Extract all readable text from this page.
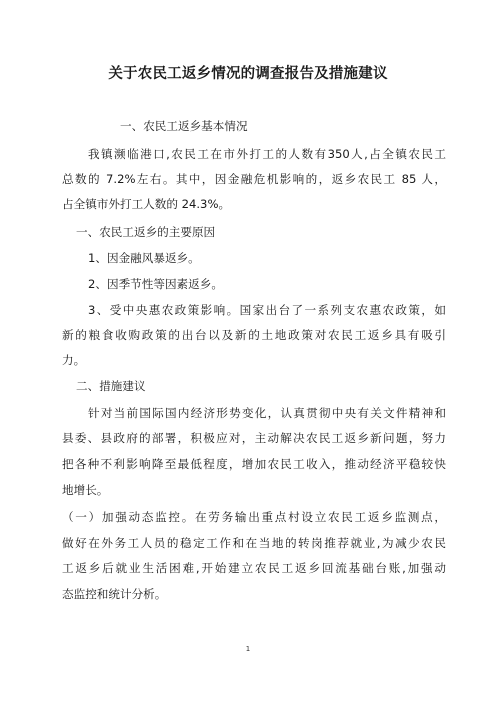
关于农民工返乡情况的调查报告及措施建议
一、农民工返乡基本情况
我镇濒临港口,农民工在市外打工的人数有350人,占全镇农民工
总数的 7.2%左右。其中，因金融危机影响的，返乡农民工 85 人，
占全镇市外打工人数的 24.3%。
一、农民工返乡的主要原因
1、因金融风暴返乡。
2、因季节性等因素返乡。
3、受中央惠农政策影响。国家出台了一系列支农惠农政策，如
新的粮食收购政策的出台以及新的土地政策对农民工返乡具有吸引
力。
二、措施建议
针对当前国际国内经济形势变化，认真贯彻中央有关文件精神和
县委、县政府的部署，积极应对，主动解决农民工返乡新问题，努力
把各种不利影响降至最低程度，增加农民工收入，推动经济平稳较快
地增长。
（一）加强动态监控。在劳务输出重点村设立农民工返乡监测点，
做好在外务工人员的稳定工作和在当地的转岗推荐就业,为减少农民
工返乡后就业生活困难,开始建立农民工返乡回流基础台账,加强动
态监控和统计分析。
1
